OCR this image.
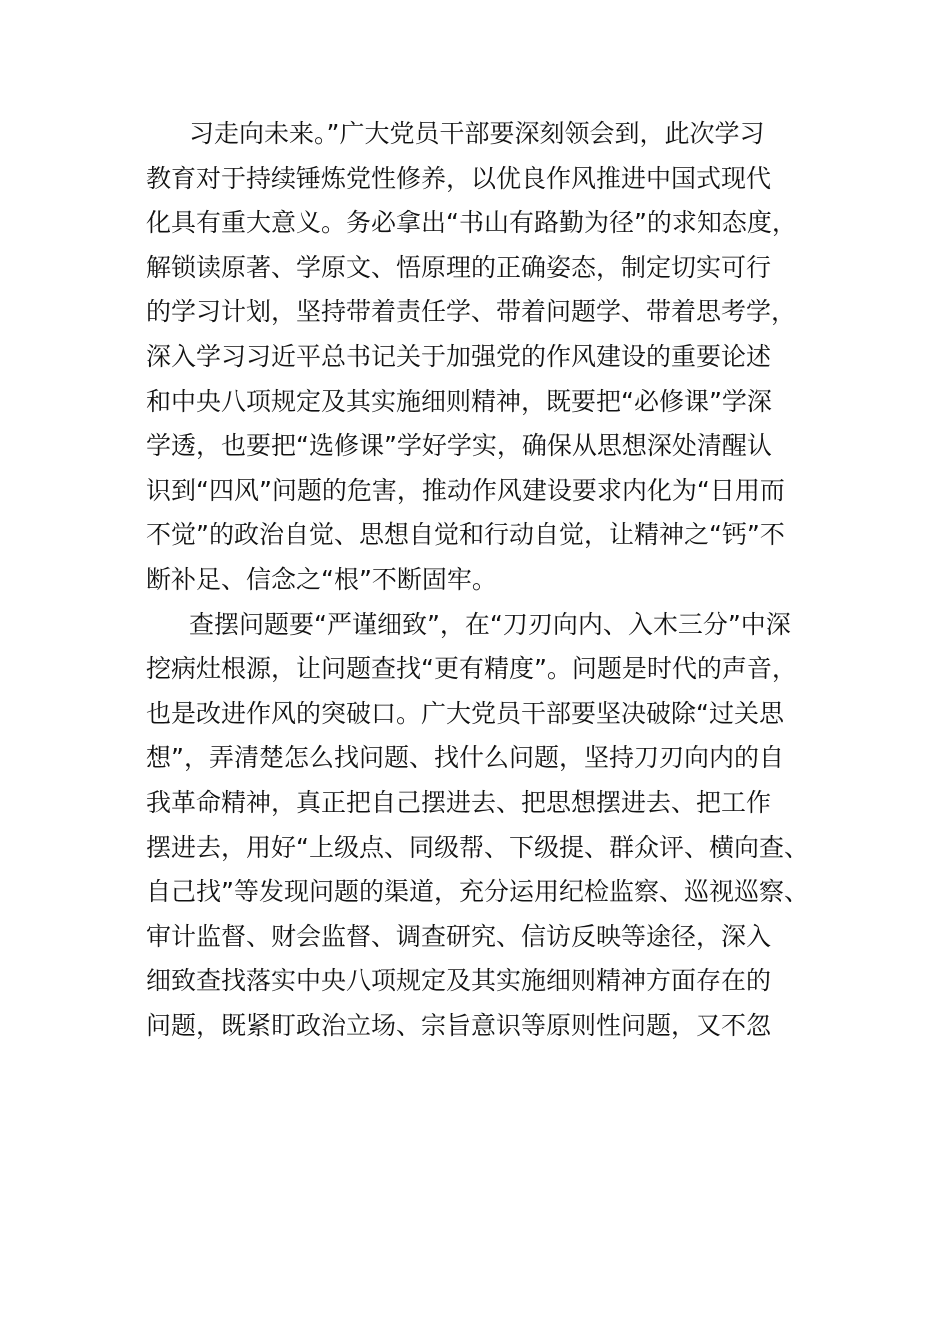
习走向未来。”广大党员干部要深刻领会到，此次学习
教育对于持续锤炼党性修养，以优良作风推进中国式现代
化具有重大意义。务必拿出“书山有路勤为径”的求知态度，
解锁读原著、学原文、悟原理的正确姿态，制定切实可行
的学习计划，坚持带着责任学、带着问题学、带着思考学，
深入学习习近平总书记关于加强党的作风建设的重要论述
和中央八项规定及其实施细则精神，既要把“必修课”学深
学透，也要把“选修课”学好学实，确保从思想深处清醒认
识到“四风”问题的危害，推动作风建设要求内化为“日用而
不觉”的政治自觉、思想自觉和行动自觉，让精神之“钙”不
断补足、信念之“根”不断固牢。
查摆问题要“严谨细致”，在“刀刃向内、入木三分”中深
挖病灶根源，让问题查找“更有精度”。问题是时代的声音，
也是改进作风的突破口。广大党员干部要坚决破除“过关思
想”，弄清楚怎么找问题、找什么问题，坚持刀刃向内的自
我革命精神，真正把自己摆进去、把思想摆进去、把工作
摆进去，用好“上级点、同级帮、下级提、群众评、横向查、
自己找”等发现问题的渠道，充分运用纪检监察、巡视巡察、
审计监督、财会监督、调查研究、信访反映等途径，深入
细致查找落实中央八项规定及其实施细则精神方面存在的
问题，既紧盯政治立场、宗旨意识等原则性问题，又不忽
